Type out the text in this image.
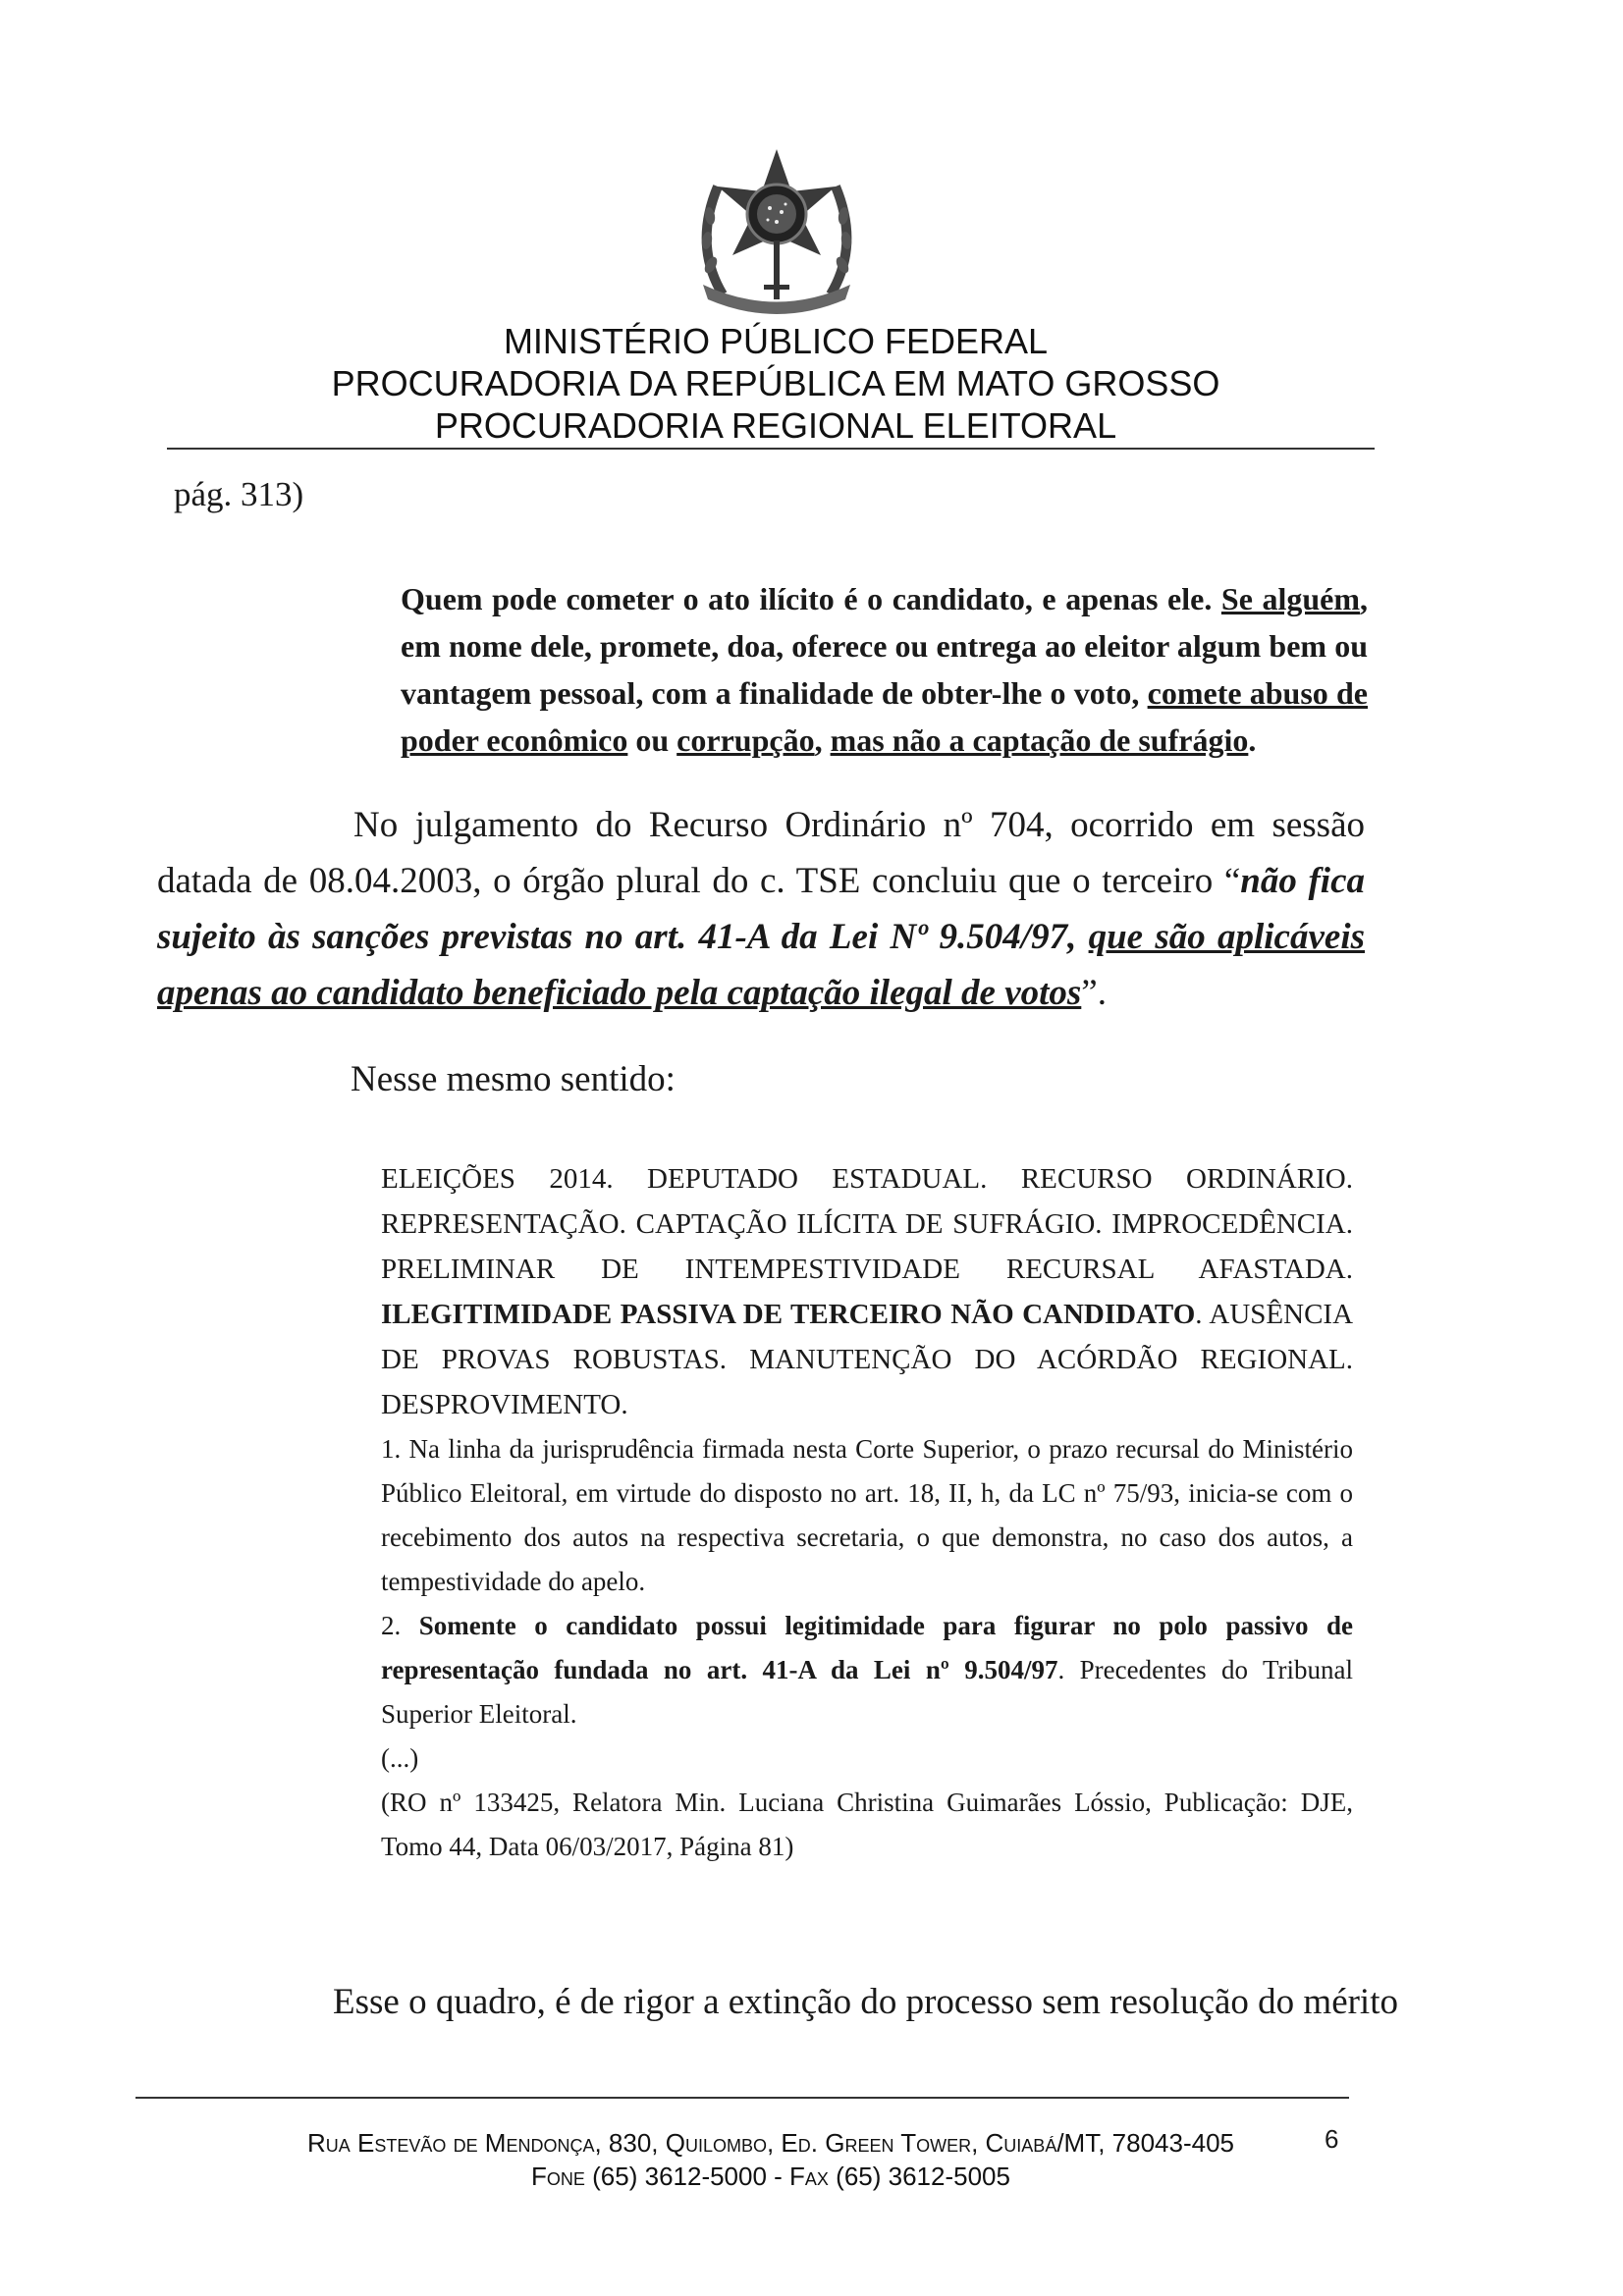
MINISTÉRIO PÚBLICO FEDERAL
PROCURADORIA DA REPÚBLICA EM MATO GROSSO
PROCURADORIA REGIONAL ELEITORAL
pág. 313)
Quem pode cometer o ato ilícito é o candidato, e apenas ele. Se alguém, em nome dele, promete, doa, oferece ou entrega ao eleitor algum bem ou vantagem pessoal, com a finalidade de obter-lhe o voto, comete abuso de poder econômico ou corrupção, mas não a captação de sufrágio.
No julgamento do Recurso Ordinário nº 704, ocorrido em sessão datada de 08.04.2003, o órgão plural do c. TSE concluiu que o terceiro “não fica sujeito às sanções previstas no art. 41-A da Lei Nº 9.504/97, que são aplicáveis apenas ao candidato beneficiado pela captação ilegal de votos”.
Nesse mesmo sentido:
ELEIÇÕES 2014. DEPUTADO ESTADUAL. RECURSO ORDINÁRIO. REPRESENTAÇÃO. CAPTAÇÃO ILÍCITA DE SUFRÁGIO. IMPROCEDÊNCIA. PRELIMINAR DE INTEMPESTIVIDADE RECURSAL AFASTADA. ILEGITIMIDADE PASSIVA DE TERCEIRO NÃO CANDIDATO. AUSÊNCIA DE PROVAS ROBUSTAS. MANUTENÇÃO DO ACÓRDÃO REGIONAL. DESPROVIMENTO.
1. Na linha da jurisprudência firmada nesta Corte Superior, o prazo recursal do Ministério Público Eleitoral, em virtude do disposto no art. 18, II, h, da LC nº 75/93, inicia-se com o recebimento dos autos na respectiva secretaria, o que demonstra, no caso dos autos, a tempestividade do apelo.
2. Somente o candidato possui legitimidade para figurar no polo passivo de representação fundada no art. 41-A da Lei nº 9.504/97. Precedentes do Tribunal Superior Eleitoral.
(...)
(RO nº 133425, Relatora Min. Luciana Christina Guimarães Lóssio, Publicação: DJE, Tomo 44, Data 06/03/2017, Página 81)
Esse o quadro, é de rigor a extinção do processo sem resolução do mérito
Rua Estevão de Mendonça, 830, Quilombo, Ed. Green Tower, Cuiabá/MT, 78043-405
Fone (65) 3612-5000 - Fax (65) 3612-5005
6
